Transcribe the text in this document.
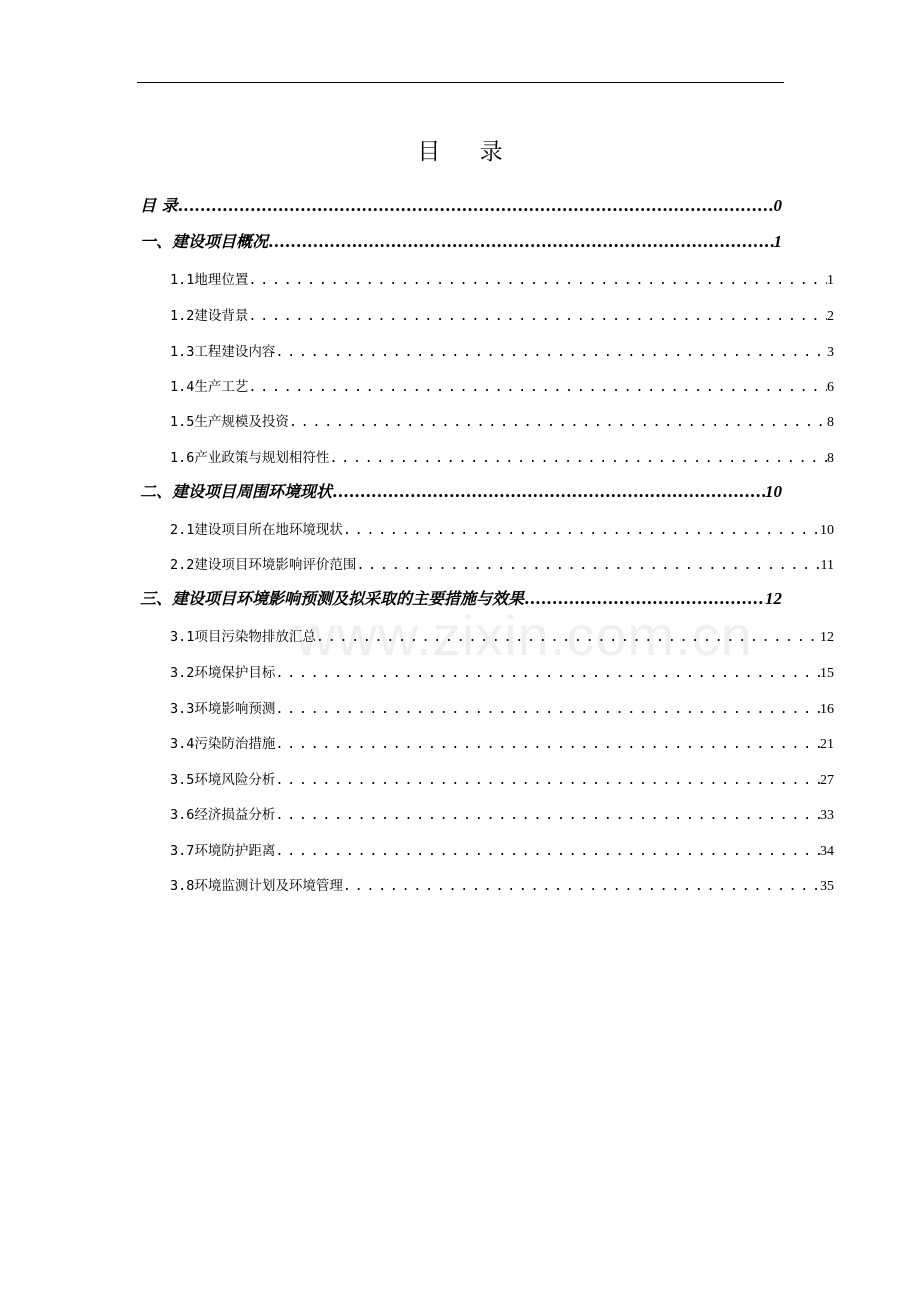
目 录
www.zixin.com.cn
目 录 .....	0
一、建设项目概况 .....	1
1.1地理位置 .....	1
1.2建设背景 .....	2
1.3工程建设内容 .....	3
1.4生产工艺 .....	6
1.5生产规模及投资 .....	8
1.6产业政策与规划相符性 .....	8
二、建设项目周围环境现状 .....	10
2.1建设项目所在地环境现状 .....	10
2.2建设项目环境影响评价范围 .....	11
三、建设项目环境影响预测及拟采取的主要措施与效果 .....	12
3.1项目污染物排放汇总 .....	12
3.2环境保护目标 .....	15
3.3环境影响预测 .....	16
3.4污染防治措施 .....	21
3.5环境风险分析 .....	27
3.6经济损益分析 .....	33
3.7环境防护距离 .....	34
3.8环境监测计划及环境管理 .....	35
